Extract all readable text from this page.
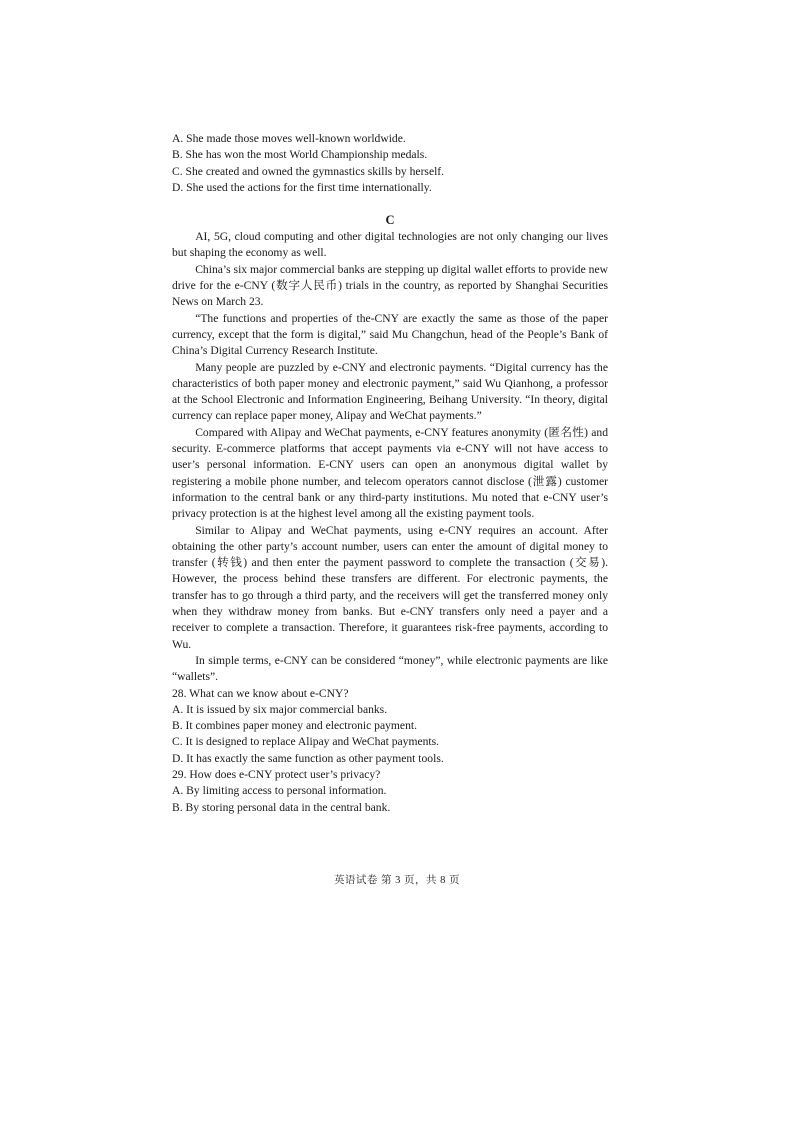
A. She made those moves well-known worldwide.

B. She has won the most World Championship medals.

C. She created and owned the gymnastics skills by herself.

D. She used the actions for the first time internationally.

C

AI, 5G, cloud computing and other digital technologies are not only changing our lives but shaping the economy as well.

China’s six major commercial banks are stepping up digital wallet efforts to provide new drive for the e-CNY (数字人民币) trials in the country, as reported by Shanghai Securities News on March 23.

“The functions and properties of the-CNY are exactly the same as those of the paper currency, except that the form is digital,” said Mu Changchun, head of the People’s Bank of China’s Digital Currency Research Institute.

Many people are puzzled by e-CNY and electronic payments. “Digital currency has the characteristics of both paper money and electronic payment,” said Wu Qianhong, a professor at the School Electronic and Information Engineering, Beihang University. “In theory, digital currency can replace paper money, Alipay and WeChat payments.”

Compared with Alipay and WeChat payments, e-CNY features anonymity (匿名性) and security. E-commerce platforms that accept payments via e-CNY will not have access to user’s personal information. E-CNY users can open an anonymous digital wallet by registering a mobile phone number, and telecom operators cannot disclose (泄露) customer information to the central bank or any third-party institutions. Mu noted that e-CNY user’s privacy protection is at the highest level among all the existing payment tools.

Similar to Alipay and WeChat payments, using e-CNY requires an account. After obtaining the other party’s account number, users can enter the amount of digital money to transfer (转钱) and then enter the payment password to complete the transaction (交易). However, the process behind these transfers are different. For electronic payments, the transfer has to go through a third party, and the receivers will get the transferred money only when they withdraw money from banks. But e-CNY transfers only need a payer and a receiver to complete a transaction. Therefore, it guarantees risk-free payments, according to Wu.

In simple terms, e-CNY can be considered “money”, while electronic payments are like “wallets”.

28. What can we know about e-CNY?

A. It is issued by six major commercial banks.

B. It combines paper money and electronic payment.

C. It is designed to replace Alipay and WeChat payments.

D. It has exactly the same function as other payment tools.

29. How does e-CNY protect user’s privacy?

A. By limiting access to personal information.

B. By storing personal data in the central bank.

英语试卷 第 3 页，共 8 页
